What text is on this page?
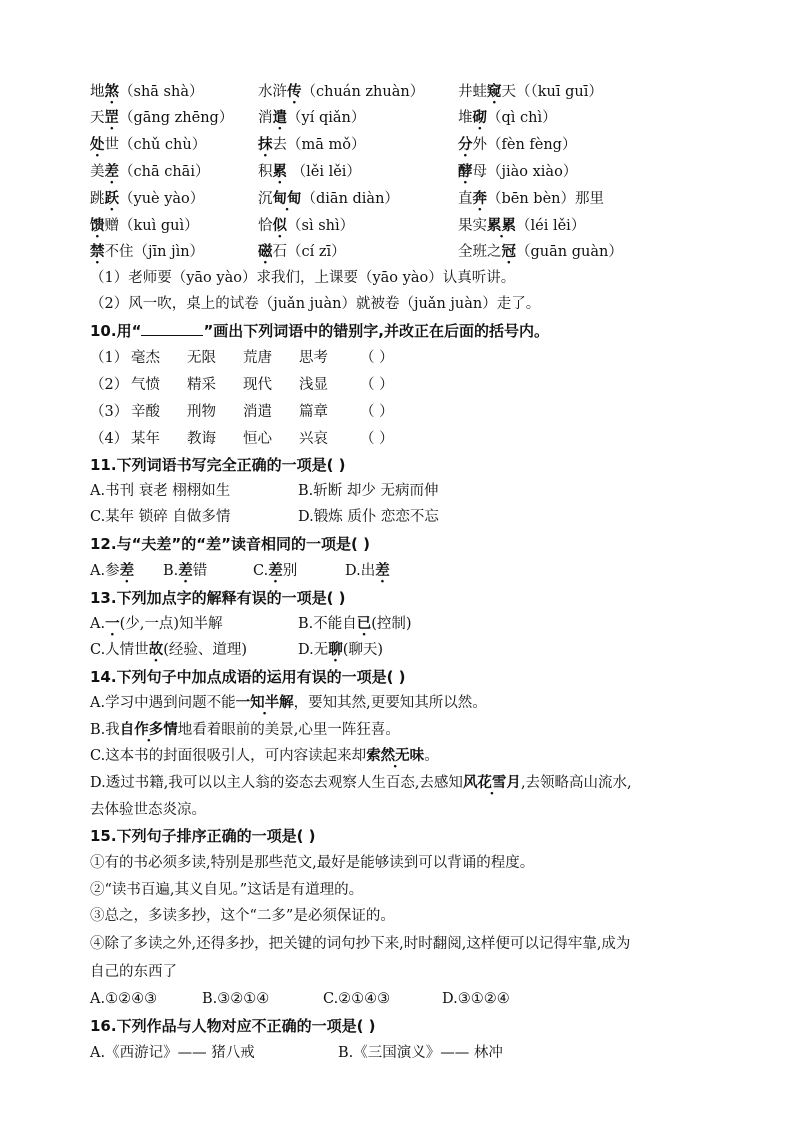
地煞（shā shà）	水浒传（chuán zhuàn） 井蛙窥天（（kuī guī）
天罡（gāng zhēng） 消遣（yí qiǎn）	堆砌（qì chì）
处世（chǔ chù）	抹去（mā mǒ）	分外（fèn fèng）
美差（chā chāi）	积累 （lěi lěi）	酵母（jiào xiào）
跳跃（yuè yào）	沉甸甸（diān diàn）	直奔（bēn bèn）那里
馈赠（kuì guì）	恰似（sì shì）	果实累累（léi lěi）
禁不住（jīn jìn）	磁石（cí zī）	全班之冠（guān guàn）
（1）老师要（yāo yào）求我们，上课要（yāo yào）认真听讲。
（2）风一吹，桌上的试卷（juǎn juàn）就被卷（juǎn juàn）走了。
10.用“	”画出下列词语中的错别字,并改正在后面的括号内。
（1） 毫杰 无限 荒唐 思考 （ ）
（2） 气愤 精采 现代 浅显 （ ）
（3） 辛酸 刑物 消遣 篇章 （ ）
（4） 某年 教诲 恒心 兴哀 （ ）
11.下列词语书写完全正确的一项是( )
A.书刊 衰老 栩栩如生	B.斩断 却少 无病而伸
C.某年 锁碎 自做多情	D.锻炼 质仆 恋恋不忘
12.与“夫差”的“差”读音相同的一项是( )
A.参差 B.差错	C.差别	D.出差
13.下列加点字的解释有误的一项是( )
A.一(少,一点)知半解	B.不能自已(控制)
C.人情世故(经验、道理)	D.无聊(聊天)
14.下列句子中加点成语的运用有误的一项是( )
A.学习中遇到问题不能一知半解，要知其然,更要知其所以然。
B.我自作多情地看着眼前的美景,心里一阵狂喜。
C.这本书的封面很吸引人，可内容读起来却索然无味。
D.透过书籍,我可以以主人翁的姿态去观察人生百态,去感知风花雪月,去领略高山流水,
去体验世态炎凉。
15.下列句子排序正确的一项是( )
①有的书必须多读,特别是那些范文,最好是能够读到可以背诵的程度。
②“读书百遍,其义自见。”这话是有道理的。
③总之，多读多抄，这个“二多”是必须保证的。
④除了多读之外,还得多抄，把关键的词句抄下来,时时翻阅,这样便可以记得牢靠,成为
自己的东西了
A.①②④③	B.③②①④	C.②①④③	D.③①②④
16.下列作品与人物对应不正确的一项是( )
A.《西游记》—— 猪八戒	B.《三国演义》—— 林冲
